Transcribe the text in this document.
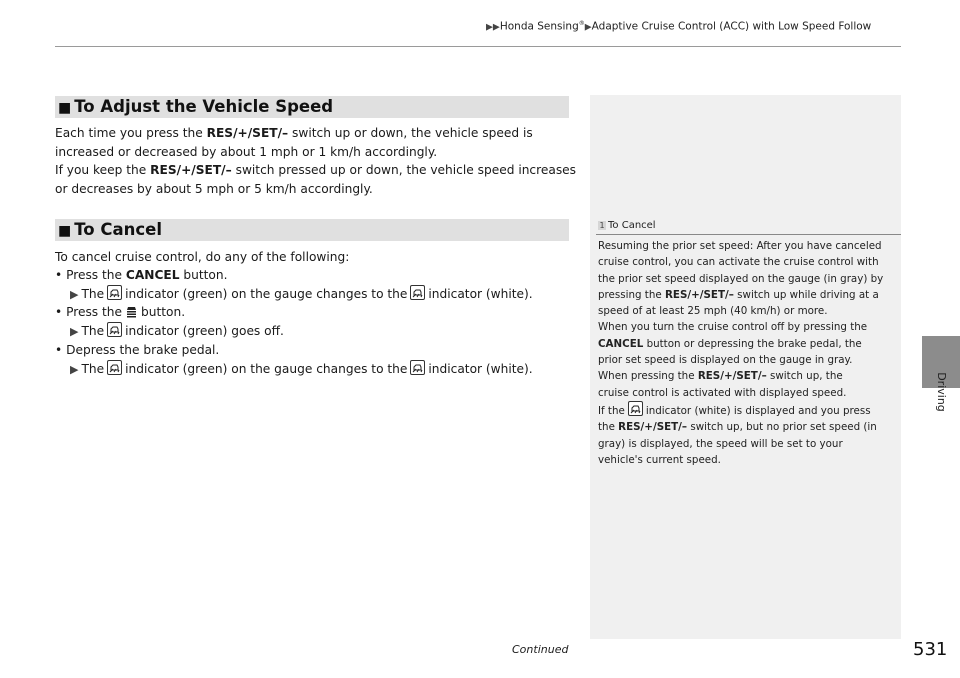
▶▶Honda Sensing®▶Adaptive Cruise Control (ACC) with Low Speed Follow
Driving
■ To Adjust the Vehicle Speed

Each time you press the RES/+/SET/– switch up or down, the vehicle speed is

increased or decreased by about 1 mph or 1 km/h accordingly.

If you keep the RES/+/SET/– switch pressed up or down, the vehicle speed increases

or decreases by about 5 mph or 5 km/h accordingly.

■ To Cancel
To cancel cruise control, do any of the following:
• Press the CANCEL button.
▶ The indicator (green) on the gauge changes to the indicator (white).
• Press the button.
▶ The indicator (green) goes off.
• Depress the brake pedal.
▶ The indicator (green) on the gauge changes to the indicator (white).
1 To Cancel

Resuming the prior set speed: After you have canceled

cruise control, you can activate the cruise control with

the prior set speed displayed on the gauge (in gray) by

pressing the RES/+/SET/– switch up while driving at a

speed of at least 25 mph (40 km/h) or more.

When you turn the cruise control off by pressing the

CANCEL button or depressing the brake pedal, the

prior set speed is displayed on the gauge in gray.

When pressing the RES/+/SET/– switch up, the

cruise control is activated with displayed speed.

If the indicator (white) is displayed and you press

the RES/+/SET/– switch up, but no prior set speed (in

gray) is displayed, the speed will be set to your

vehicle's current speed.

Continued	531
